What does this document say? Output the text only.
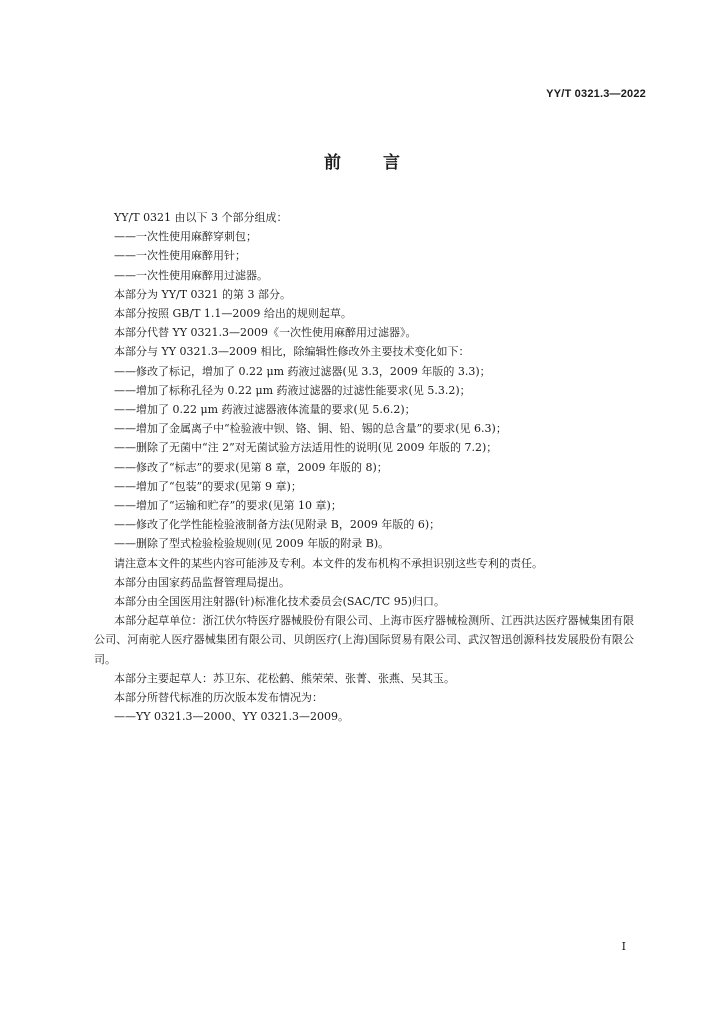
YY/T 0321.3—2022
前言
YY/T 0321 由以下 3 个部分组成：
——一次性使用麻醉穿刺包；
——一次性使用麻醉用针；
——一次性使用麻醉用过滤器。
本部分为 YY/T 0321 的第 3 部分。
本部分按照 GB/T 1.1—2009 给出的规则起草。
本部分代替 YY 0321.3—2009《一次性使用麻醉用过滤器》。
本部分与 YY 0321.3—2009 相比，除编辑性修改外主要技术变化如下：
——修改了标记，增加了 0.22 μm 药液过滤器(见 3.3，2009 年版的 3.3)；
——增加了标称孔径为 0.22 μm 药液过滤器的过滤性能要求(见 5.3.2)；
——增加了 0.22 μm 药液过滤器液体流量的要求(见 5.6.2)；
——增加了金属离子中“检验液中钡、铬、铜、铅、锡的总含量”的要求(见 6.3)；
——删除了无菌中“注 2”对无菌试验方法适用性的说明(见 2009 年版的 7.2)；
——修改了“标志”的要求(见第 8 章，2009 年版的 8)；
——增加了“包装”的要求(见第 9 章)；
——增加了“运输和贮存”的要求(见第 10 章)；
——修改了化学性能检验液制备方法(见附录 B，2009 年版的 6)；
——删除了型式检验检验规则(见 2009 年版的附录 B)。
请注意本文件的某些内容可能涉及专利。本文件的发布机构不承担识别这些专利的责任。
本部分由国家药品监督管理局提出。
本部分由全国医用注射器(针)标准化技术委员会(SAC/TC 95)归口。
本部分起草单位：浙江伏尔特医疗器械股份有限公司、上海市医疗器械检测所、江西洪达医疗器械集团有限公司、河南驼人医疗器械集团有限公司、贝朗医疗(上海)国际贸易有限公司、武汉智迅创源科技发展股份有限公司。
本部分主要起草人：苏卫东、花松鹤、熊荣荣、张菁、张燕、吴其玉。
本部分所替代标准的历次版本发布情况为：
——YY 0321.3—2000、YY 0321.3—2009。
I
